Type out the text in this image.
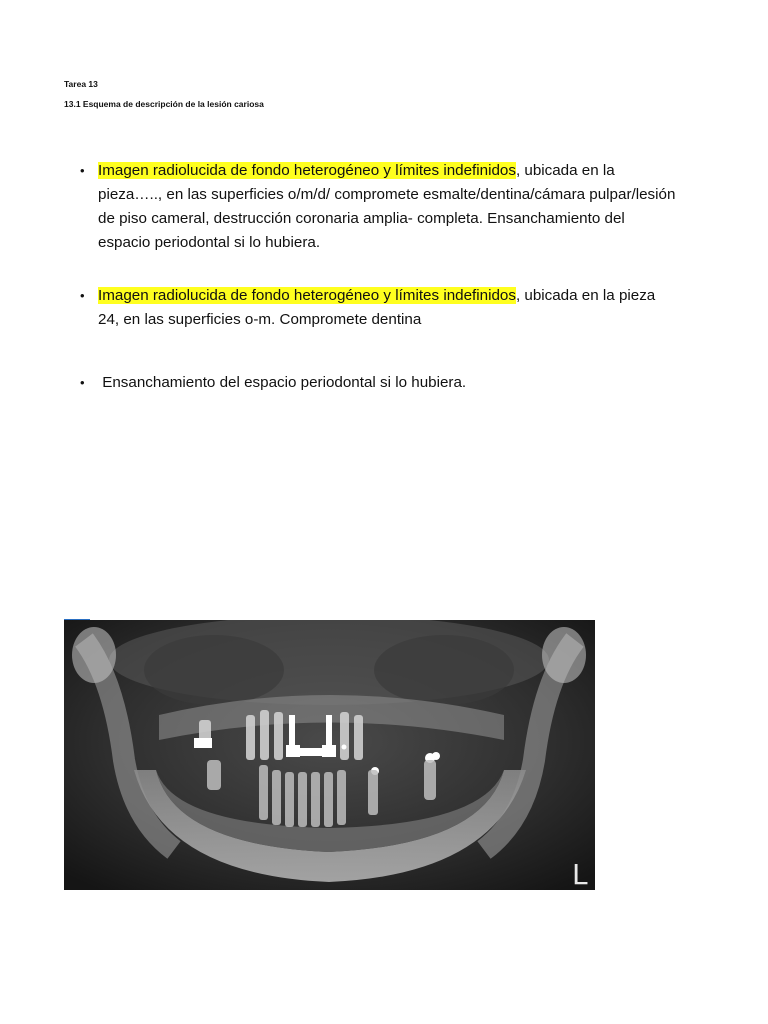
Tarea 13
13.1 Esquema de descripción de la lesión cariosa
• Imagen radiolucida de fondo heterogéneo y límites indefinidos, ubicada en la pieza….., en las superficies o/m/d/ compromete esmalte/dentina/cámara pulpar/lesión de piso cameral, destrucción coronaria amplia- completa. Ensanchamiento del espacio periodontal si lo hubiera.
• Imagen radiolucida de fondo heterogéneo y límites indefinidos, ubicada en la pieza 24, en las superficies o-m. Compromete dentina
•	Ensanchamiento del espacio periodontal si lo hubiera.
L
